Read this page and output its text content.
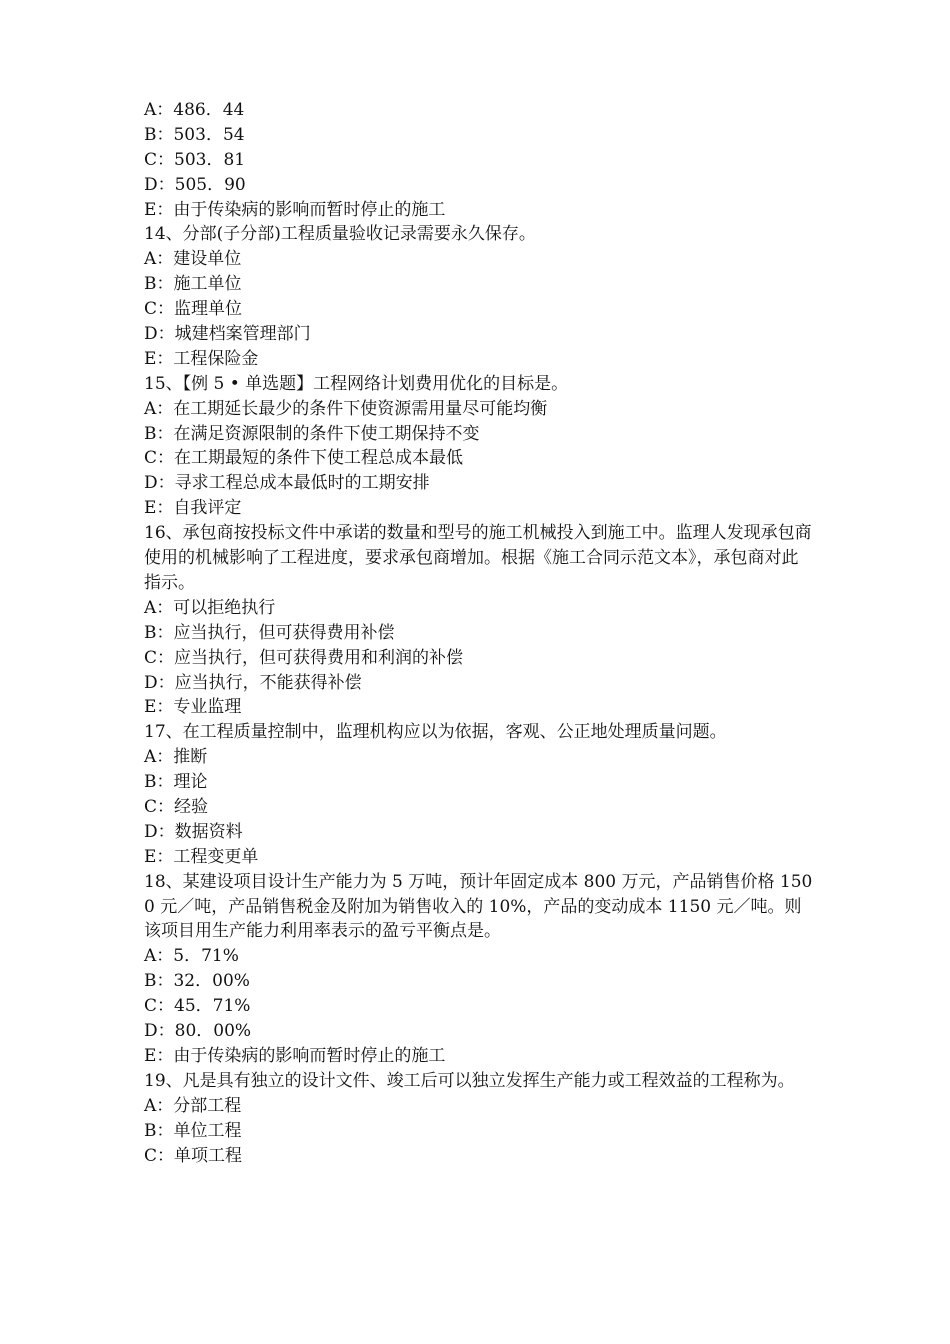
A：486．44
B：503．54
C：503．81
D：505．90
E：由于传染病的影响而暂时停止的施工
14、分部(子分部)工程质量验收记录需要永久保存。
A：建设单位
B：施工单位
C：监理单位
D：城建档案管理部门
E：工程保险金
15、【例 5 • 单选题】工程网络计划费用优化的目标是。
A：在工期延长最少的条件下使资源需用量尽可能均衡
B：在满足资源限制的条件下使工期保持不变
C：在工期最短的条件下使工程总成本最低
D：寻求工程总成本最低时的工期安排
E：自我评定
16、承包商按投标文件中承诺的数量和型号的施工机械投入到施工中。监理人发现承包商使用的机械影响了工程进度，要求承包商增加。根据《施工合同示范文本》，承包商对此指示。
A：可以拒绝执行
B：应当执行，但可获得费用补偿
C：应当执行，但可获得费用和利润的补偿
D：应当执行，不能获得补偿
E：专业监理
17、在工程质量控制中，监理机构应以为依据，客观、公正地处理质量问题。
A：推断
B：理论
C：经验
D：数据资料
E：工程变更单
18、某建设项目设计生产能力为 5 万吨，预计年固定成本 800 万元，产品销售价格 1500 元／吨，产品销售税金及附加为销售收入的 10%，产品的变动成本 1150 元／吨。则该项目用生产能力利用率表示的盈亏平衡点是。
A：5．71%
B：32．00%
C：45．71%
D：80．00%
E：由于传染病的影响而暂时停止的施工
19、凡是具有独立的设计文件、竣工后可以独立发挥生产能力或工程效益的工程称为。
A：分部工程
B：单位工程
C：单项工程
